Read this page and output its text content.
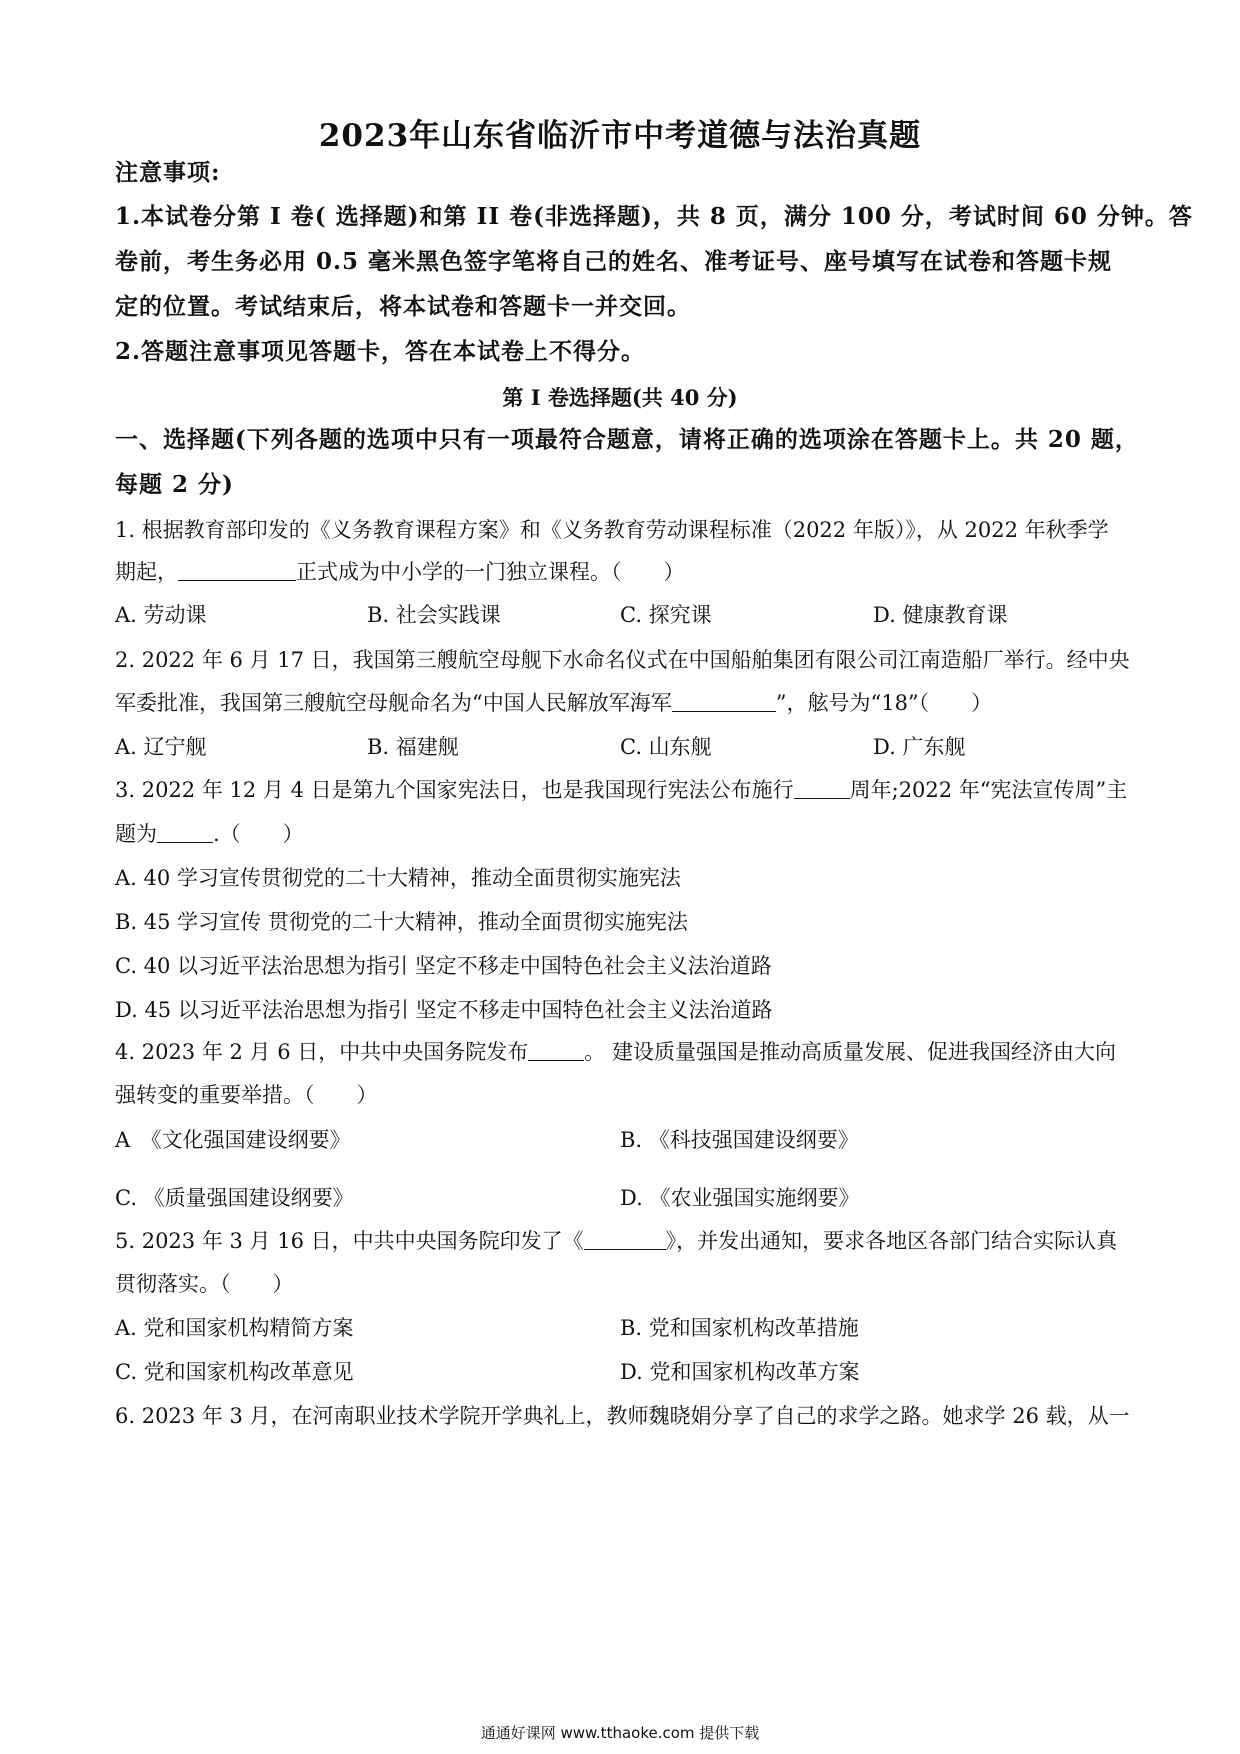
2023年山东省临沂市中考道德与法治真题
注意事项:
1.本试卷分第 I 卷( 选择题)和第 II 卷(非选择题)，共 8 页，满分 100 分，考试时间 60 分钟。答
卷前，考生务必用 0.5 毫米黑色签字笔将自己的姓名、准考证号、座号填写在试卷和答题卡规
定的位置。考试结束后，将本试卷和答题卡一并交回。
2.答题注意事项见答题卡，答在本试卷上不得分。
第 I 卷选择题(共 40 分)
一、选择题(下列各题的选项中只有一项最符合题意，请将正确的选项涂在答题卡上。共 20 题，
每题 2 分)
1. 根据教育部印发的《义务教育课程方案》和《义务教育劳动课程标准（2022 年版）》，从 2022 年秋季学
期起，	正式成为中小学的一门独立课程。（　　）
A. 劳动课	B. 社会实践课	C. 探究课	D. 健康教育课
2. 2022 年 6 月 17 日，我国第三艘航空母舰下水命名仪式在中国船舶集团有限公司江南造船厂举行。经中央
军委批准，我国第三艘航空母舰命名为“中国人民解放军海军	”，舷号为“18”（　　）
A. 辽宁舰	B. 福建舰	C. 山东舰	D. 广东舰
3. 2022 年 12 月 4 日是第九个国家宪法日，也是我国现行宪法公布施行	周年;2022 年“宪法宣传周”主
题为	.（　　）
A. 40 学习宣传贯彻党的二十大精神，推动全面贯彻实施宪法
B. 45 学习宣传 贯彻党的二十大精神，推动全面贯彻实施宪法
C. 40 以习近平法治思想为指引 坚定不移走中国特色社会主义法治道路
D. 45 以习近平法治思想为指引 坚定不移走中国特色社会主义法治道路
4. 2023 年 2 月 6 日，中共中央国务院发布	。 建设质量强国是推动高质量发展、促进我国经济由大向
强转变的重要举措。（　　）
A　《文化强国建设纲要》	B. 《科技强国建设纲要》
C. 《质量强国建设纲要》	D. 《农业强国实施纲要》
5. 2023 年 3 月 16 日，中共中央国务院印发了《	》，并发出通知，要求各地区各部门结合实际认真
贯彻落实。（　　）
A. 党和国家机构精简方案	B. 党和国家机构改革措施
C. 党和国家机构改革意见	D. 党和国家机构改革方案
6. 2023 年 3 月，在河南职业技术学院开学典礼上，教师魏晓娟分享了自己的求学之路。她求学 26 载，从一
通通好课网 www.tthaoke.com 提供下载
